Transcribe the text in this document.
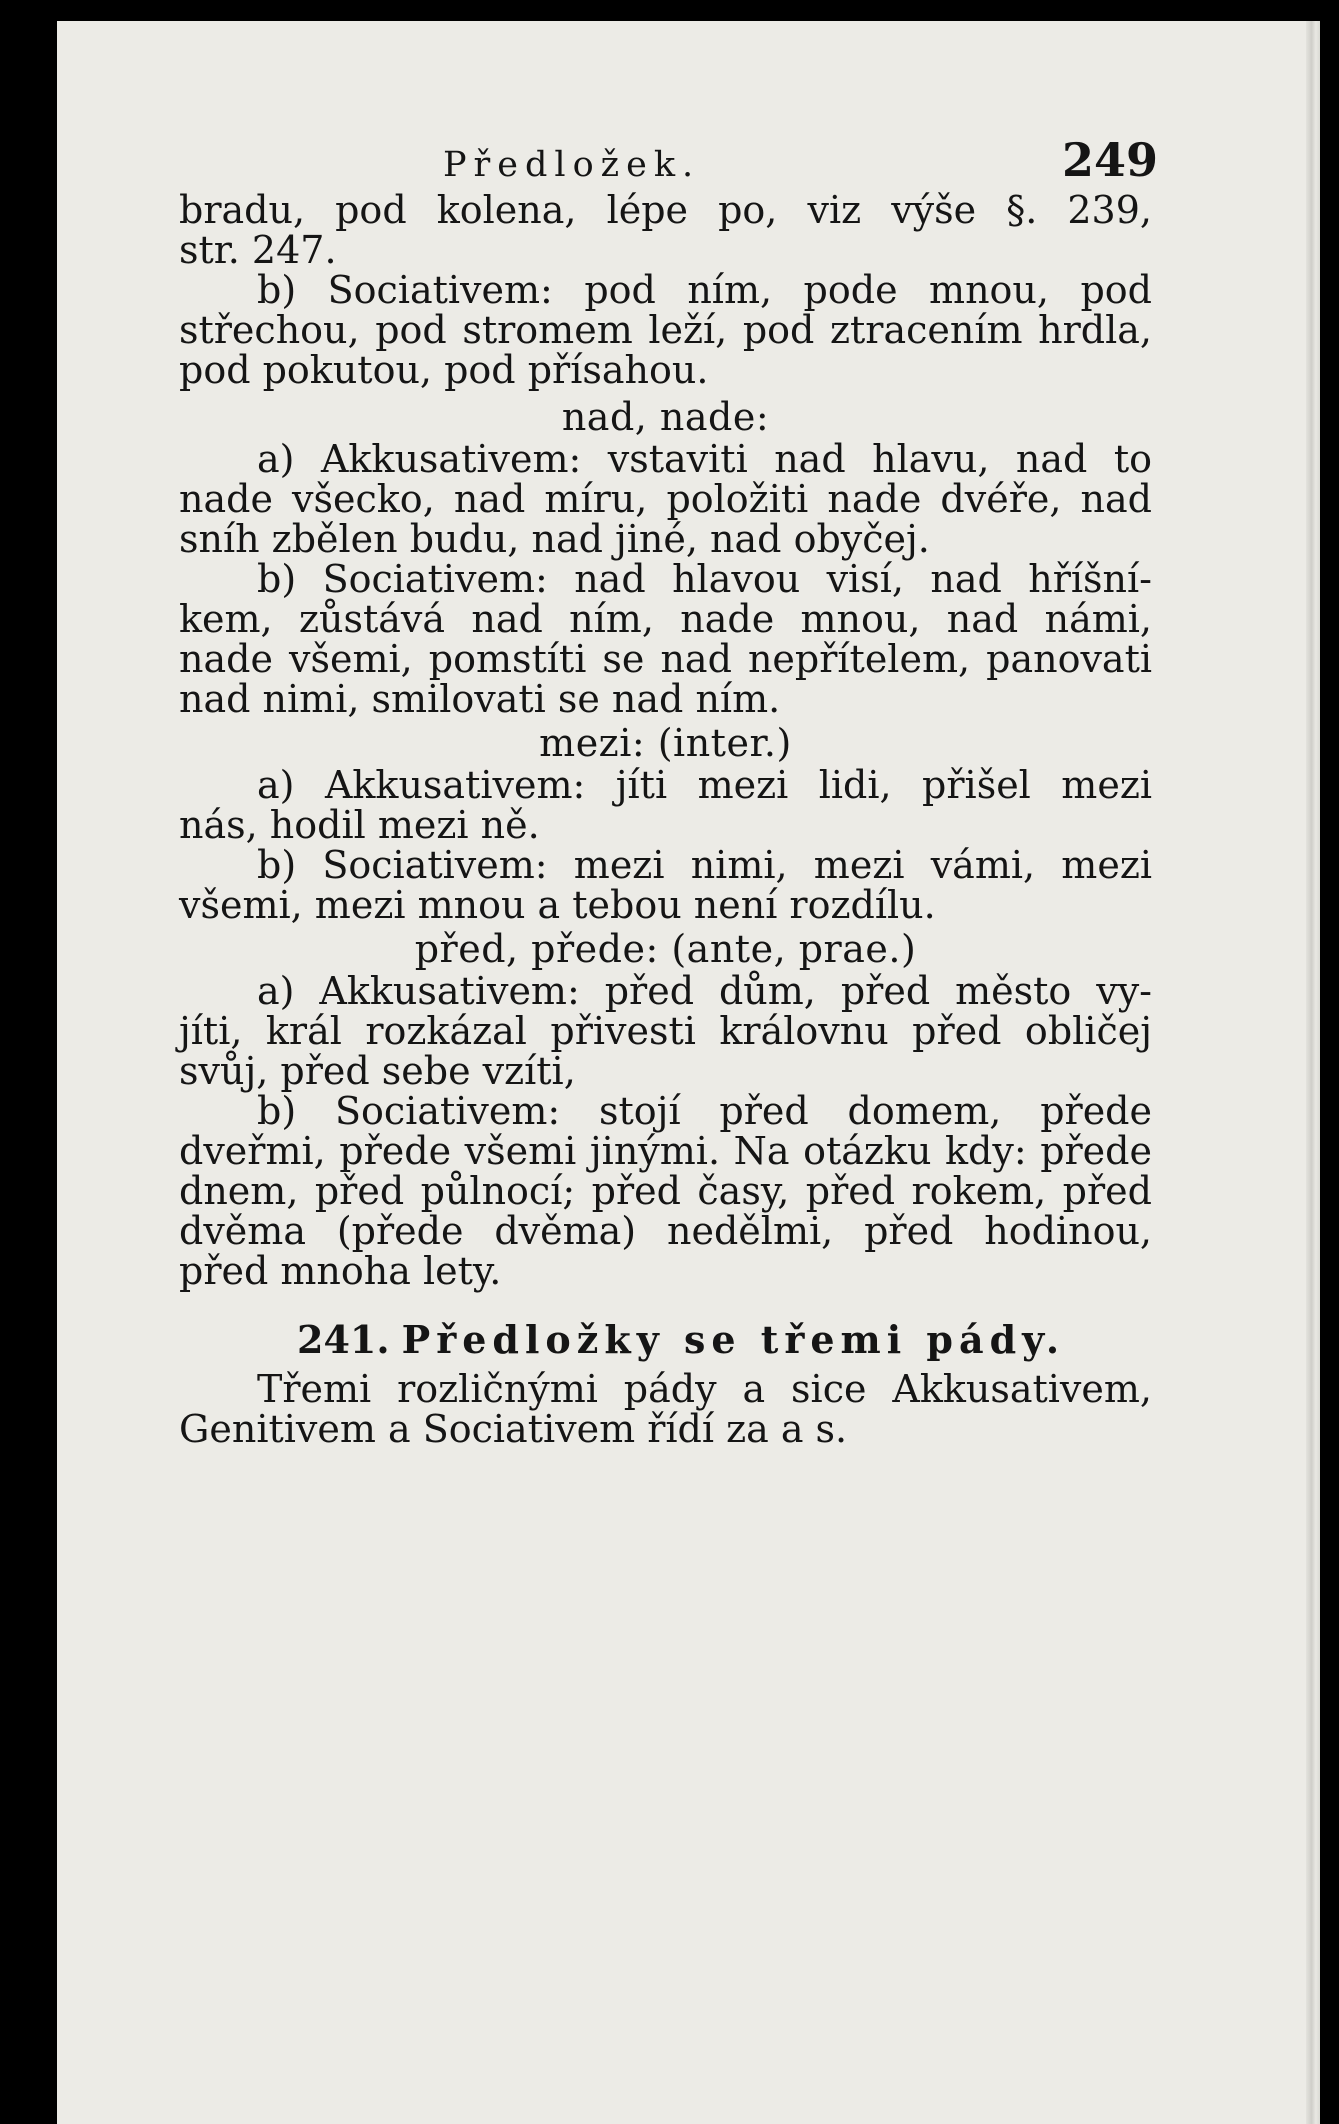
Předložek.	249
bradu, pod kolena, lépe po, viz výše §. 239,
str. 247.
b) Sociativem: pod ním, pode mnou, pod
střechou, pod stromem leží, pod ztracením hrdla,
pod pokutou, pod přísahou.
nad, nade:
a) Akkusativem: vstaviti nad hlavu, nad to
nade všecko, nad míru, položiti nade dvéře, nad
sníh zbělen budu, nad jiné, nad obyčej.
b) Sociativem: nad hlavou visí, nad hříšní-
kem, zůstává nad ním, nade mnou, nad námi,
nade všemi, pomstíti se nad nepřítelem, panovati
nad nimi, smilovati se nad ním.
mezi: (inter.)
a) Akkusativem: jíti mezi lidi, přišel mezi
nás, hodil mezi ně.
b) Sociativem: mezi nimi, mezi vámi, mezi
všemi, mezi mnou a tebou není rozdílu.
před, přede: (ante, prae.)
a) Akkusativem: před dům, před město vy-
jíti, král rozkázal přivesti královnu před obličej
svůj, před sebe vzíti,
b) Sociativem: stojí před domem, přede
dveřmi, přede všemi jinými. Na otázku kdy: přede
dnem, před půlnocí; před časy, před rokem, před
dvěma (přede dvěma) nedělmi, před hodinou,
před mnoha lety.
241. Předložky se třemi pády.
Třemi rozličnými pády a sice Akkusativem,
Genitivem a Sociativem řídí za a s.
